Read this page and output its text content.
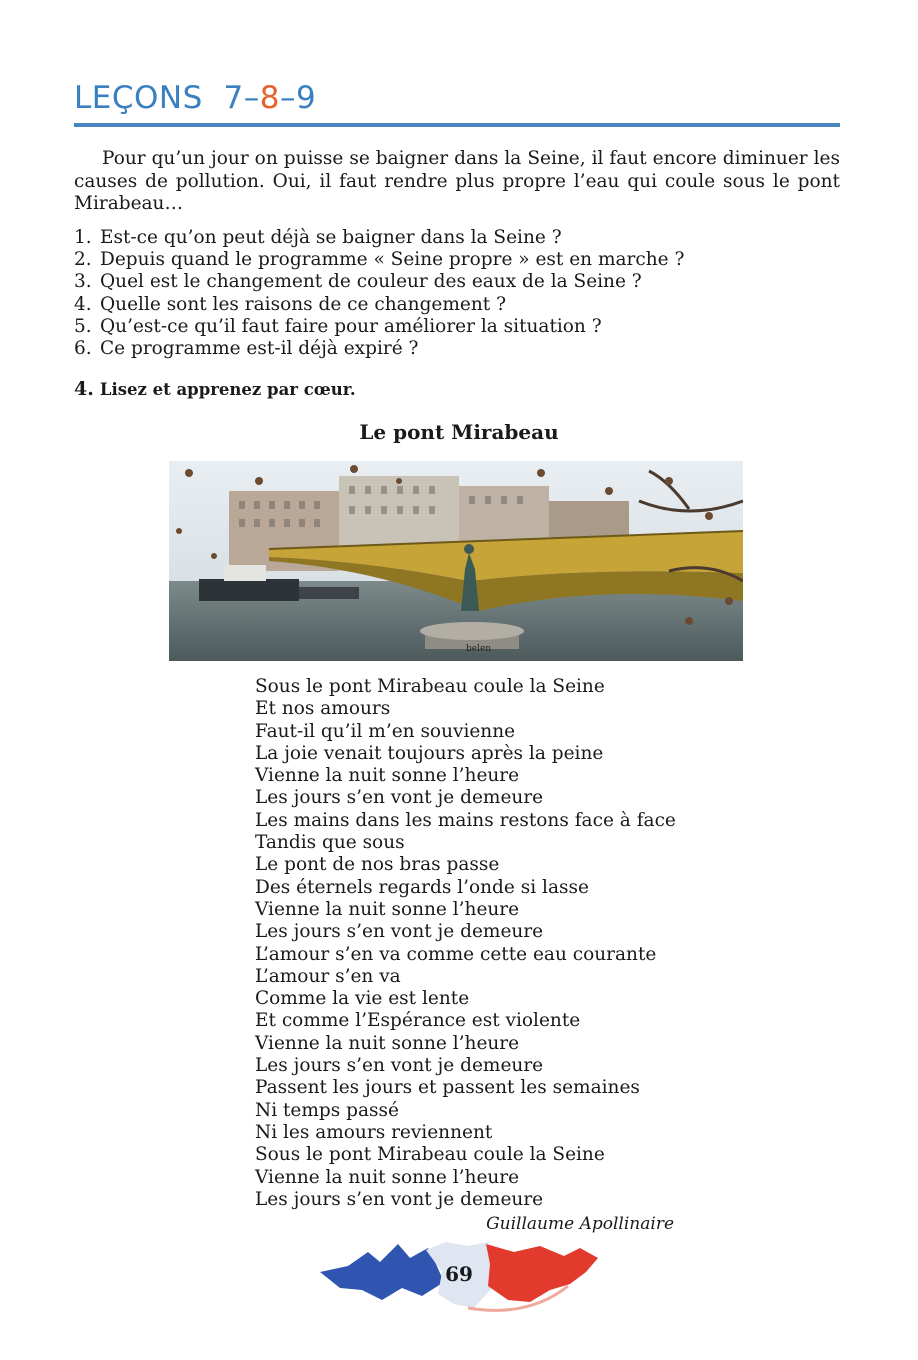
LEÇONS  7–8–9

Pour qu’un jour on puisse se baigner dans la Seine, il faut encore diminuer les causes de pollution. Oui, il faut rendre plus propre l’eau qui coule sous le pont Mirabeau…

1. Est-ce qu’on peut déjà se baigner dans la Seine ?
2. Depuis quand le programme « Seine propre » est en marche ?
3. Quel est le changement de couleur des eaux de la Seine ?
4. Quelle sont les raisons de ce changement ?
5. Qu’est-ce qu’il faut faire pour améliorer la situation ?
6. Ce programme est-il déjà expiré ?
4. Lisez et apprenez par cœur.
Le pont Mirabeau
belen
Sous le pont Mirabeau coule la Seine
Et nos amours
Faut-il qu’il m’en souvienne
La joie venait toujours après la peine
Vienne la nuit sonne l’heure
Les jours s’en vont je demeure
Les mains dans les mains restons face à face
Tandis que sous
Le pont de nos bras passe
Des éternels regards l’onde si lasse
Vienne la nuit sonne l’heure
Les jours s’en vont je demeure
L’amour s’en va comme cette eau courante
L’amour s’en va
Comme la vie est lente
Et comme l’Espérance est violente
Vienne la nuit sonne l’heure
Les jours s’en vont je demeure
Passent les jours et passent les semaines
Ni temps passé
Ni les amours reviennent
Sous le pont Mirabeau coule la Seine
Vienne la nuit sonne l’heure
Les jours s’en vont je demeure
Guillaume Apollinaire
69
